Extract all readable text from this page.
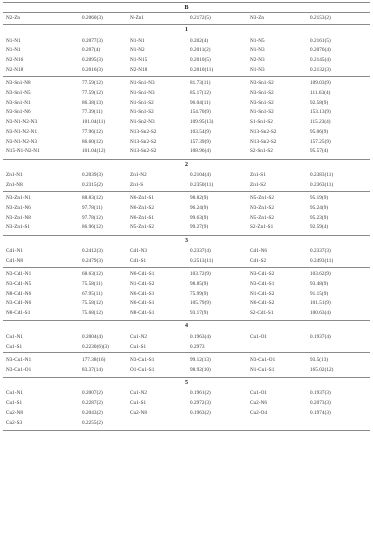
B
N2-Zn	0.2060(3)	N-Zn1	0.2172(5)	N3-Zn	0.2153(2)
1
N1-N1	0.2077(3)	N1-N1	0.202(4)	N1-N5	0.2161(5)
N1-N1	0.207(4)	N1-N2	0.2011(2)	N1-N3	0.2076(4)
N2-N16	0.2095(3)	N1-N15	0.2010(5)	N2-N3	0.2145(4)
N2-N18	0.2016(3)	N2-N18	0.2010(11)	N1-N3	0.2132(3)
N3-Sn1-N8	77.59(12)	N1-Sn1-N3	81.73(11)	N3-Sn1-S2	109.03(9)
N3-Sn1-N5	77.59(12)	N1-Sn1-N3	85.17(12)	N3-Sn1-S2	111.63(4)
N3-Sn1-N1	86.38(13)	N1-Sn1-S2	96.04(11)	N3-Sn1-S2	92.58(9)
N3-Sn1-N6	77.39(11)	N1-Sn1-S2	154.70(9)	N1-Sn1-S2	153.13(9)
N3-N1-N2-N3	101.04(11)	N1-Sn2-N3	109.95(13)	S1-Sn1-S2	115.23(4)
N3-N1-N2-N1	77.96(12)	N13-Sn2-S2	103.54(9)	N13-Sn2-S2	95.06(9)
N3-N1-N2-N3	86.60(12)	N13-Sn2-S2	157.39(9)	N13-Sn2-S2	157.25(9)
N15-N1-N2-N1	101.04(12)	N13-Sn2-S2	108.96(4)	S2-Sn1-S2	95.57(4)
2
Zn1-N1	0.2039(3)	Zn1-N2	0.2104(4)	Zn1-S1	0.2383(11)
Zn1-N8	0.2315(2)	Zn1-S	0.2350(11)	Zn1-S2	0.2363(11)
N3-Zn1-N1	88.83(12)	N6-Zn1-S1	98.82(9)	N5-Zn1-S2	95.19(9)
N3-Zn1-N6	97.78(11)	N6-Zn1-S2	96.24(9)	N3-Zn1-S2	95.24(9)
N3-Zn1-N8	97.78(12)	N6-Zn1-S1	99.63(9)	N5-Zn1-S2	95.23(9)
N3-Zn1-S1	86.96(12)	N5-Zn1-S2	99.27(9)	S2-Zn1-S1	92.59(4)
3
Cd1-N1	0.2412(3)	Cd1-N3	0.2337(4)	Cd1-N6	0.2337(3)
Cd1-N8	0.2479(3)	Cd1-S1	0.2513(11)	Cd1-S2	0.2493(11)
N3-Cd1-N1	68.63(12)	N6-Cd1-S1	103.72(9)	N3-Cd1-S2	103.62(9)
N3-Cd1-N5	75.58(11)	N1-Cd1-S2	98.85(9)	N3-Cd1-S1	93.48(9)
N8-Cd1-N6	67.95(11)	N6-Cd1-S1	75.99(9)	N1-Cd1-S2	91.15(9)
N3-Cd1-N6	75.58(12)	N6-Cd1-S1	105.79(9)	N6-Cd1-S2	101.51(9)
N8-Cd1-S1	75.68(12)	N8-Cd1-S1	93.17(9)	S2-Cd1-S1	100.63(4)
4
Cu1-N1	0.2004(4)	Cu1-N2	0.1963(4)	Cu1-O1	0.1937(4)
Cu1-S1	0.2230(6)(3)	Cu1-S1	0.2973
N3-Cu1-N1	177.38(16)	N3-Cu1-S1	99.12(13)	N3-Cu1-O1	93.5(13)
N3-Cu1-O1	83.37(14)	O1-Cu1-S1	98.92(10)	N1-Cu1-S1	165.02(12)
5
Cu1-N1	0.2007(2)	Cu1-N2	0.1961(2)	Cu1-O1	0.1937(3)
Cu1-S1	0.2287(2)	Cu1-S1	0.2972(3)	Cu2-N6	0.2073(3)
Cu2-N8	0.2043(2)	Cu2-N8	0.1963(2)	Cu2-O4	0.1974(3)
Cu2-S3	0.2255(2)
